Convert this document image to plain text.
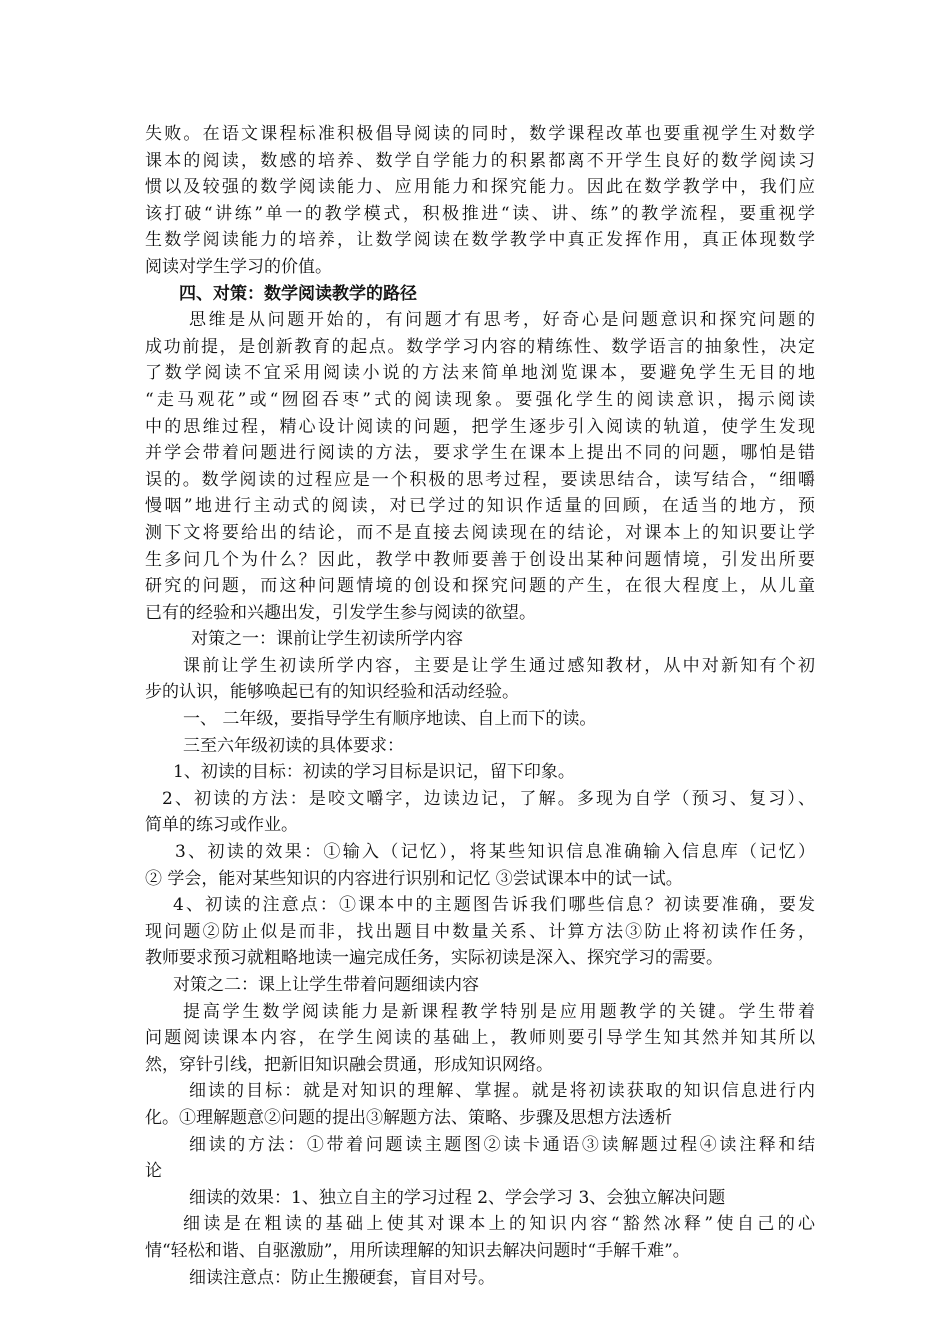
失败。在语文课程标准积极倡导阅读的同时，数学课程改革也要重视学生对数学
课本的阅读，数感的培养、数学自学能力的积累都离不开学生良好的数学阅读习
惯以及较强的数学阅读能力、应用能力和探究能力。因此在数学教学中，我们应
该打破“讲练”单一的教学模式，积极推进“读、讲、练”的教学流程，要重视学
生数学阅读能力的培养，让数学阅读在数学教学中真正发挥作用，真正体现数学
阅读对学生学习的价值。
四、对策：数学阅读教学的路径
思维是从问题开始的，有问题才有思考，好奇心是问题意识和探究问题的
成功前提，是创新教育的起点。数学学习内容的精练性、数学语言的抽象性，决定
了数学阅读不宜采用阅读小说的方法来简单地浏览课本，要避免学生无目的地
“走马观花”或“囫囵吞枣”式的阅读现象。要强化学生的阅读意识，揭示阅读
中的思维过程，精心设计阅读的问题，把学生逐步引入阅读的轨道，使学生发现
并学会带着问题进行阅读的方法，要求学生在课本上提出不同的问题，哪怕是错
误的。数学阅读的过程应是一个积极的思考过程，要读思结合，读写结合，“细嚼
慢咽”地进行主动式的阅读，对已学过的知识作适量的回顾，在适当的地方，预
测下文将要给出的结论，而不是直接去阅读现在的结论，对课本上的知识要让学
生多问几个为什么？因此，教学中教师要善于创设出某种问题情境，引发出所要
研究的问题，而这种问题情境的创设和探究问题的产生，在很大程度上，从儿童
已有的经验和兴趣出发，引发学生参与阅读的欲望。
对策之一：课前让学生初读所学内容
课前让学生初读所学内容，主要是让学生通过感知教材，从中对新知有个初
步的认识，能够唤起已有的知识经验和活动经验。
一、 二年级，要指导学生有顺序地读、自上而下的读。
三至六年级初读的具体要求：
1、初读的目标：初读的学习目标是识记，留下印象。
2、初读的方法：是咬文嚼字，边读边记，了解。多现为自学（预习、复习）、
简单的练习或作业。
3、初读的效果：①输入（记忆），将某些知识信息准确输入信息库（记忆）
② 学会，能对某些知识的内容进行识别和记忆 ③尝试课本中的试一试。
4、初读的注意点：①课本中的主题图告诉我们哪些信息？初读要准确，要发
现问题②防止似是而非，找出题目中数量关系、计算方法③防止将初读作任务，
教师要求预习就粗略地读一遍完成任务，实际初读是深入、探究学习的需要。
对策之二：课上让学生带着问题细读内容
提高学生数学阅读能力是新课程教学特别是应用题教学的关键。学生带着
问题阅读课本内容，在学生阅读的基础上，教师则要引导学生知其然并知其所以
然，穿针引线，把新旧知识融会贯通，形成知识网络。
细读的目标：就是对知识的理解、掌握。就是将初读获取的知识信息进行内
化。①理解题意②问题的提出③解题方法、策略、步骤及思想方法透析
细读的方法：①带着问题读主题图②读卡通语③读解题过程④读注释和结
论
细读的效果：1、独立自主的学习过程 2、学会学习 3、会独立解决问题
细读是在粗读的基础上使其对课本上的知识内容“豁然冰释”使自己的心
情“轻松和谐、自驱激励”，用所读理解的知识去解决问题时“手解千难”。
细读注意点：防止生搬硬套，盲目对号。
